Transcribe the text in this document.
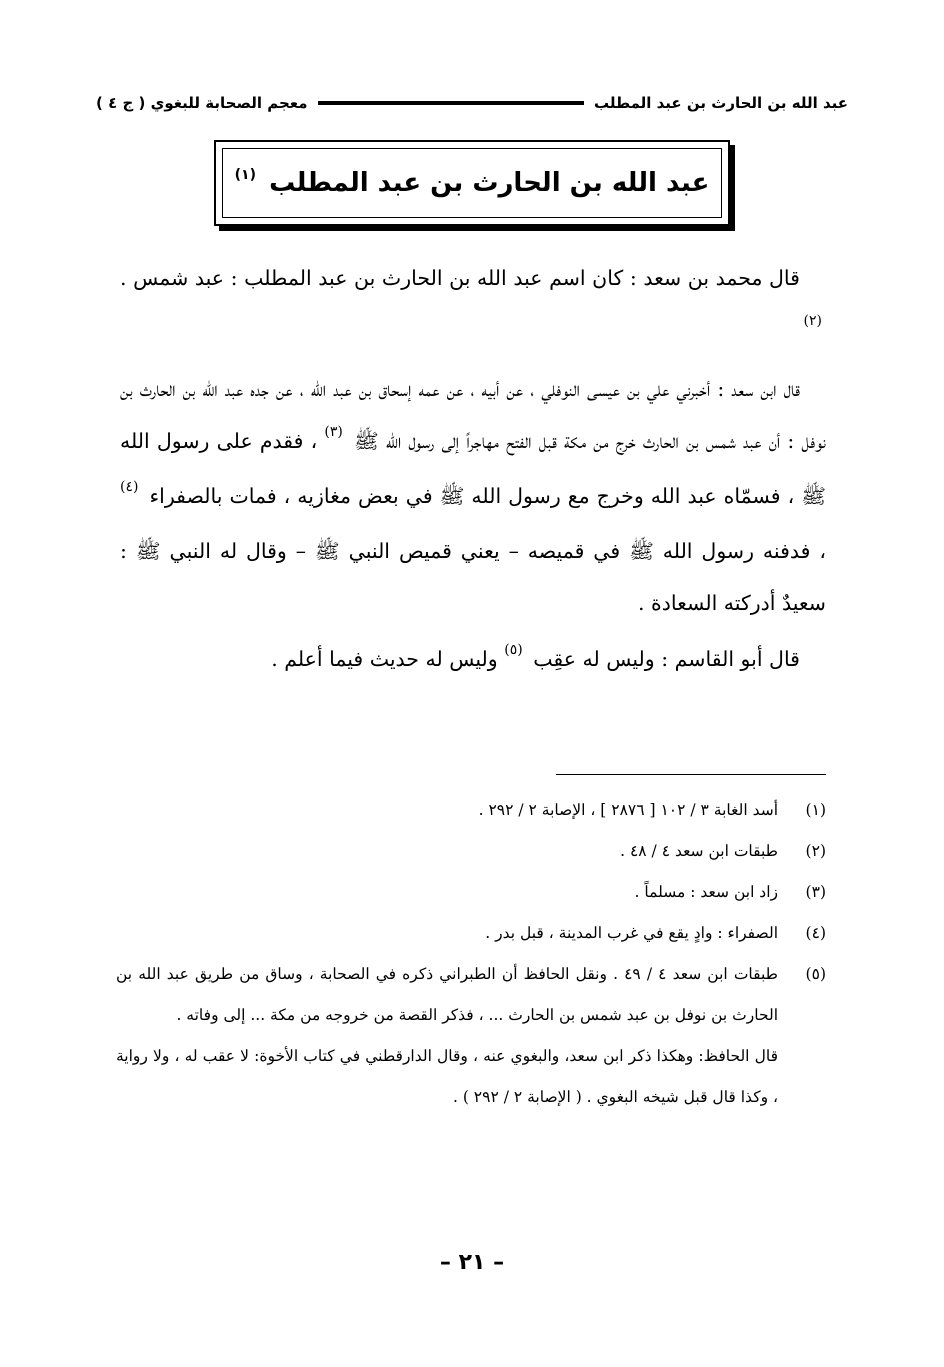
عبد الله بن الحارث بن عبد المطلب
معجم الصحابة للبغوي ( ج ٤ )
عبد الله بن الحارث بن عبد المطلب $^{(١)}$

قال محمد بن سعد : كان اسم عبد الله بن الحارث بن عبد المطلب : عبد شمس . $^{(٢)}$

قال ابن سعد : أخبرني علي بن عيسى النوفلي ، عن أبيه ، عن عمه إسحاق بن عبد الله ، عن جده عبد الله بن الحارث بن نوفل : أن عبد شمس بن الحارث خرج من مكة قبل الفتح مهاجراً إلى رسول الله ﷺ $^{(٣)}$ ، فقدم على رسول الله ﷺ ، فسمّاه عبد الله وخرج مع رسول الله ﷺ في بعض مغازيه ، فمات بالصفراء $^{(٤)}$ ، فدفنه رسول الله ﷺ في قميصه – يعني قميص النبي ﷺ – وقال له النبي ﷺ : سعيدٌ أدركته السعادة .

قال أبو القاسم : وليس له عقِب $^{(٥)}$ وليس له حديث فيما أعلم .

(١)
أسد الغابة ٣ / ١٠٢ [ ٢٨٧٦ ] ، الإصابة ٢ / ٢٩٢ .
(٢)
طبقات ابن سعد ٤ / ٤٨ .
(٣)
زاد ابن سعد : مسلماً .
(٤)
الصفراء : وادٍ يقع في غرب المدينة ، قبل بدر .
(٥)
طبقات ابن سعد ٤ / ٤٩ . ونقل الحافظ أن الطبراني ذكره في الصحابة ، وساق من طريق عبد الله بن الحارث بن نوفل بن عبد شمس بن الحارث ... ، فذكر القصة من خروجه من مكة ... إلى وفاته .
قال الحافظ: وهكذا ذكر ابن سعد، والبغوي عنه ، وقال الدارقطني في كتاب الأخوة: لا عقب له ، ولا رواية ، وكذا قال قبل شيخه البغوي . ( الإصابة ٢ / ٢٩٢ ) .
– ٢١ –
